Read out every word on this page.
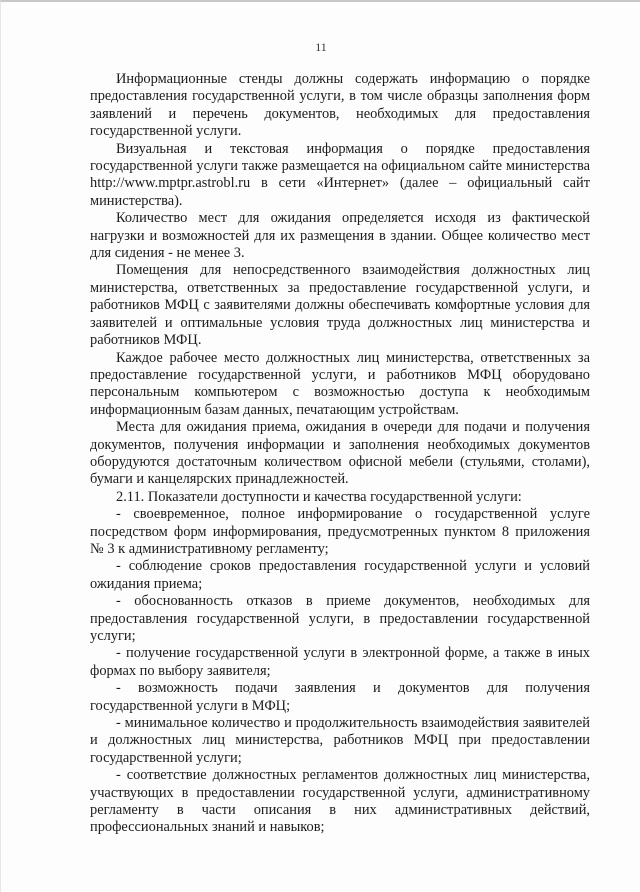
11

Информационные стенды должны содержать информацию о порядке предоставления государственной услуги, в том числе образцы заполнения форм заявлений и перечень документов, необходимых для предоставления государственной услуги.

Визуальная и текстовая информация о порядке предоставления государственной услуги также размещается на официальном сайте министерства http://www.mptpr.astrobl.ru в сети «Интернет» (далее – официальный сайт министерства).

Количество мест для ожидания определяется исходя из фактической нагрузки и возможностей для их размещения в здании. Общее количество мест для сидения - не менее 3.

Помещения для непосредственного взаимодействия должностных лиц министерства, ответственных за предоставление государственной услуги, и работников МФЦ с заявителями должны обеспечивать комфортные условия для заявителей и оптимальные условия труда должностных лиц министерства и работников МФЦ.

Каждое рабочее место должностных лиц министерства, ответственных за предоставление государственной услуги, и работников МФЦ оборудовано персональным компьютером с возможностью доступа к необходимым информационным базам данных, печатающим устройствам.

Места для ожидания приема, ожидания в очереди для подачи и получения документов, получения информации и заполнения необходимых документов оборудуются достаточным количеством офисной мебели (стульями, столами), бумаги и канцелярских принадлежностей.

2.11. Показатели доступности и качества государственной услуги:

- своевременное, полное информирование о государственной услуге посредством форм информирования, предусмотренных пунктом 8 приложения № 3 к административному регламенту;

- соблюдение сроков предоставления государственной услуги и условий ожидания приема;

- обоснованность отказов в приеме документов, необходимых для предоставления государственной услуги, в предоставлении государственной услуги;

- получение государственной услуги в электронной форме, а также в иных формах по выбору заявителя;

- возможность подачи заявления и документов для получения государственной услуги в МФЦ;

- минимальное количество и продолжительность взаимодействия заявителей и должностных лиц министерства, работников МФЦ при предоставлении государственной услуги;

- соответствие должностных регламентов должностных лиц министерства, участвующих в предоставлении государственной услуги, административному регламенту в части описания в них административных действий, профессиональных знаний и навыков;
